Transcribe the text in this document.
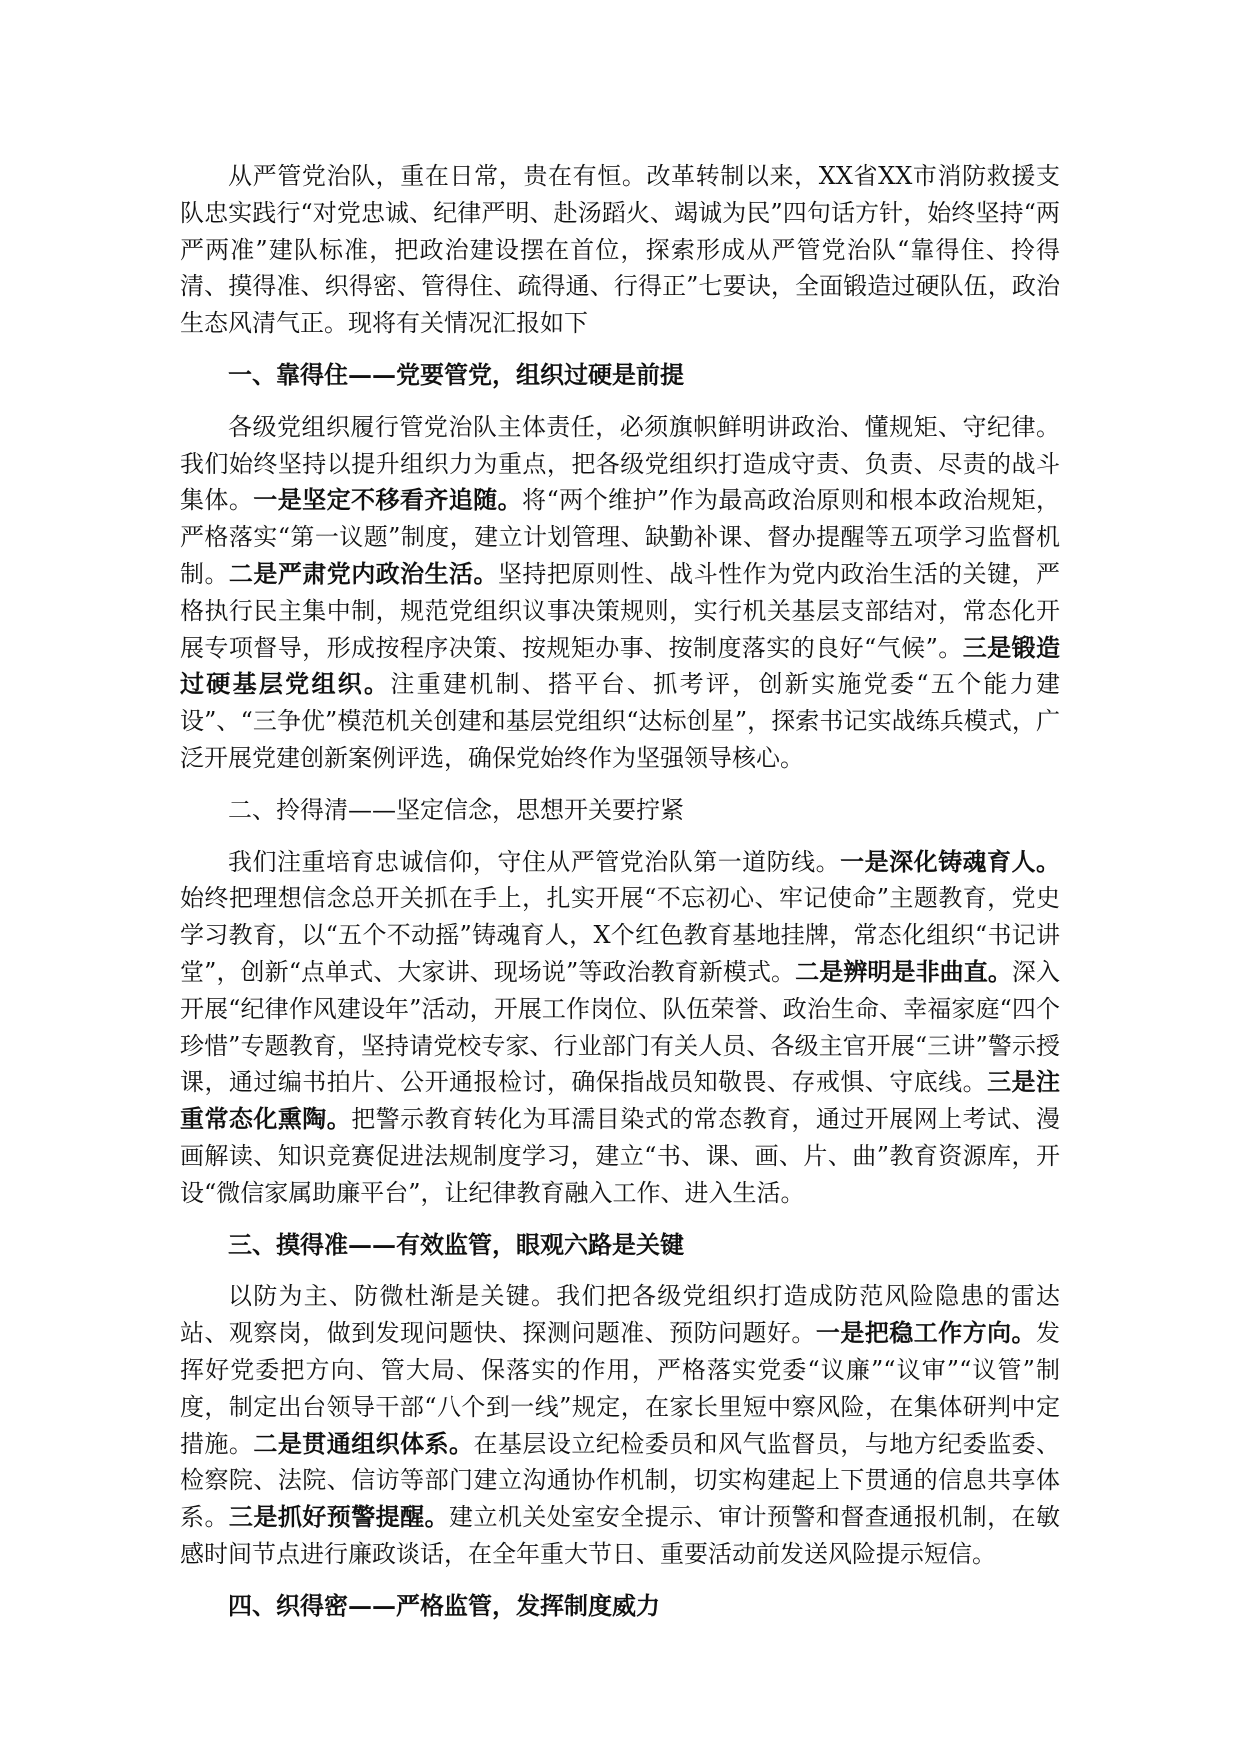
从严管党治队，重在日常，贵在有恒。改革转制以来，XX省XX市消防救援支队忠实践行“对党忠诚、纪律严明、赴汤蹈火、竭诚为民”四句话方针，始终坚持“两严两准”建队标准，把政治建设摆在首位，探索形成从严管党治队“靠得住、拎得清、摸得准、织得密、管得住、疏得通、行得正”七要诀，全面锻造过硬队伍，政治生态风清气正。现将有关情况汇报如下

一、靠得住——党要管党，组织过硬是前提

各级党组织履行管党治队主体责任，必须旗帜鲜明讲政治、懂规矩、守纪律。我们始终坚持以提升组织力为重点，把各级党组织打造成守责、负责、尽责的战斗集体。一是坚定不移看齐追随。将“两个维护”作为最高政治原则和根本政治规矩，严格落实“第一议题”制度，建立计划管理、缺勤补课、督办提醒等五项学习监督机制。二是严肃党内政治生活。坚持把原则性、战斗性作为党内政治生活的关键，严格执行民主集中制，规范党组织议事决策规则，实行机关基层支部结对，常态化开展专项督导，形成按程序决策、按规矩办事、按制度落实的良好“气候”。三是锻造过硬基层党组织。注重建机制、搭平台、抓考评，创新实施党委“五个能力建设”、“三争优”模范机关创建和基层党组织“达标创星”，探索书记实战练兵模式，广泛开展党建创新案例评选，确保党始终作为坚强领导核心。

二、拎得清——坚定信念，思想开关要拧紧

我们注重培育忠诚信仰，守住从严管党治队第一道防线。一是深化铸魂育人。始终把理想信念总开关抓在手上，扎实开展“不忘初心、牢记使命”主题教育，党史学习教育，以“五个不动摇”铸魂育人，X个红色教育基地挂牌，常态化组织“书记讲堂”，创新“点单式、大家讲、现场说”等政治教育新模式。二是辨明是非曲直。深入开展“纪律作风建设年”活动，开展工作岗位、队伍荣誉、政治生命、幸福家庭“四个珍惜”专题教育，坚持请党校专家、行业部门有关人员、各级主官开展“三讲”警示授课，通过编书拍片、公开通报检讨，确保指战员知敬畏、存戒惧、守底线。三是注重常态化熏陶。把警示教育转化为耳濡目染式的常态教育，通过开展网上考试、漫画解读、知识竞赛促进法规制度学习，建立“书、课、画、片、曲”教育资源库，开设“微信家属助廉平台”，让纪律教育融入工作、进入生活。

三、摸得准——有效监管，眼观六路是关键

以防为主、防微杜渐是关键。我们把各级党组织打造成防范风险隐患的雷达站、观察岗，做到发现问题快、探测问题准、预防问题好。一是把稳工作方向。发挥好党委把方向、管大局、保落实的作用，严格落实党委“议廉”“议审”“议管”制度，制定出台领导干部“八个到一线”规定，在家长里短中察风险，在集体研判中定措施。二是贯通组织体系。在基层设立纪检委员和风气监督员，与地方纪委监委、检察院、法院、信访等部门建立沟通协作机制，切实构建起上下贯通的信息共享体系。三是抓好预警提醒。建立机关处室安全提示、审计预警和督查通报机制，在敏感时间节点进行廉政谈话，在全年重大节日、重要活动前发送风险提示短信。

四、织得密——严格监管，发挥制度威力
